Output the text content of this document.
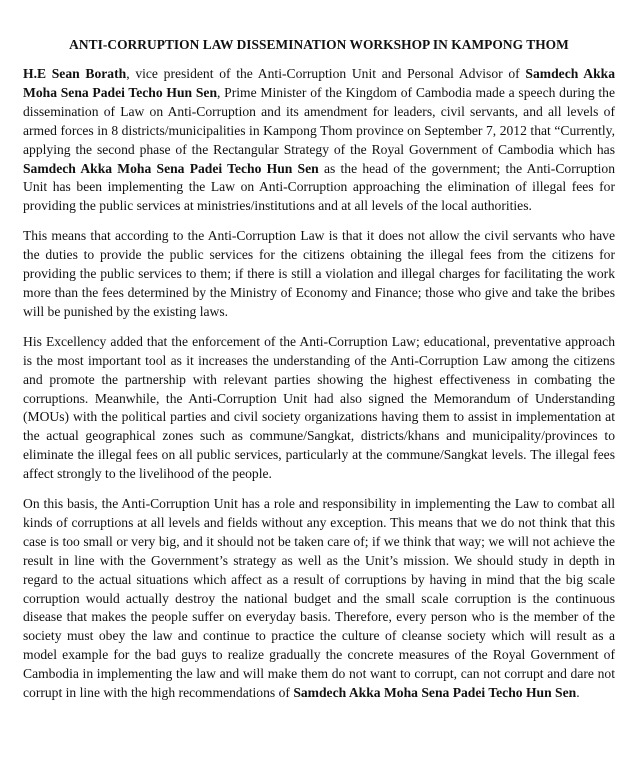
ANTI-CORRUPTION LAW DISSEMINATION WORKSHOP IN KAMPONG THOM

H.E Sean Borath, vice president of the Anti-Corruption Unit and Personal Advisor of Samdech Akka Moha Sena Padei Techo Hun Sen, Prime Minister of the Kingdom of Cambodia made a speech during the dissemination of Law on Anti-Corruption and its amendment for leaders, civil servants, and all levels of armed forces in 8 districts/municipalities in Kampong Thom province on September 7, 2012 that “Currently, applying the second phase of the Rectangular Strategy of the Royal Government of Cambodia which has Samdech Akka Moha Sena Padei Techo Hun Sen as the head of the government; the Anti-Corruption Unit has been implementing the Law on Anti-Corruption approaching the elimination of illegal fees for providing the public services at ministries/institutions and at all levels of the local authorities.

This means that according to the Anti-Corruption Law is that it does not allow the civil servants who have the duties to provide the public services for the citizens obtaining the illegal fees from the citizens for providing the public services to them; if there is still a violation and illegal charges for facilitating the work more than the fees determined by the Ministry of Economy and Finance; those who give and take the bribes will be punished by the existing laws.

His Excellency added that the enforcement of the Anti-Corruption Law; educational, preventative approach is the most important tool as it increases the understanding of the Anti-Corruption Law among the citizens and promote the partnership with relevant parties showing the highest effectiveness in combating the corruptions. Meanwhile, the Anti-Corruption Unit had also signed the Memorandum of Understanding (MOUs) with the political parties and civil society organizations having them to assist in implementation at the actual geographical zones such as commune/Sangkat, districts/khans and municipality/provinces to eliminate the illegal fees on all public services, particularly at the commune/Sangkat levels. The illegal fees affect strongly to the livelihood of the people.

On this basis, the Anti-Corruption Unit has a role and responsibility in implementing the Law to combat all kinds of corruptions at all levels and fields without any exception. This means that we do not think that this case is too small or very big, and it should not be taken care of; if we think that way; we will not achieve the result in line with the Government’s strategy as well as the Unit’s mission. We should study in depth in regard to the actual situations which affect as a result of corruptions by having in mind that the big scale corruption would actually destroy the national budget and the small scale corruption is the continuous disease that makes the people suffer on everyday basis. Therefore, every person who is the member of the society must obey the law and continue to practice the culture of cleanse society which will result as a model example for the bad guys to realize gradually the concrete measures of the Royal Government of Cambodia in implementing the law and will make them do not want to corrupt, can not corrupt and dare not corrupt in line with the high recommendations of Samdech Akka Moha Sena Padei Techo Hun Sen.
